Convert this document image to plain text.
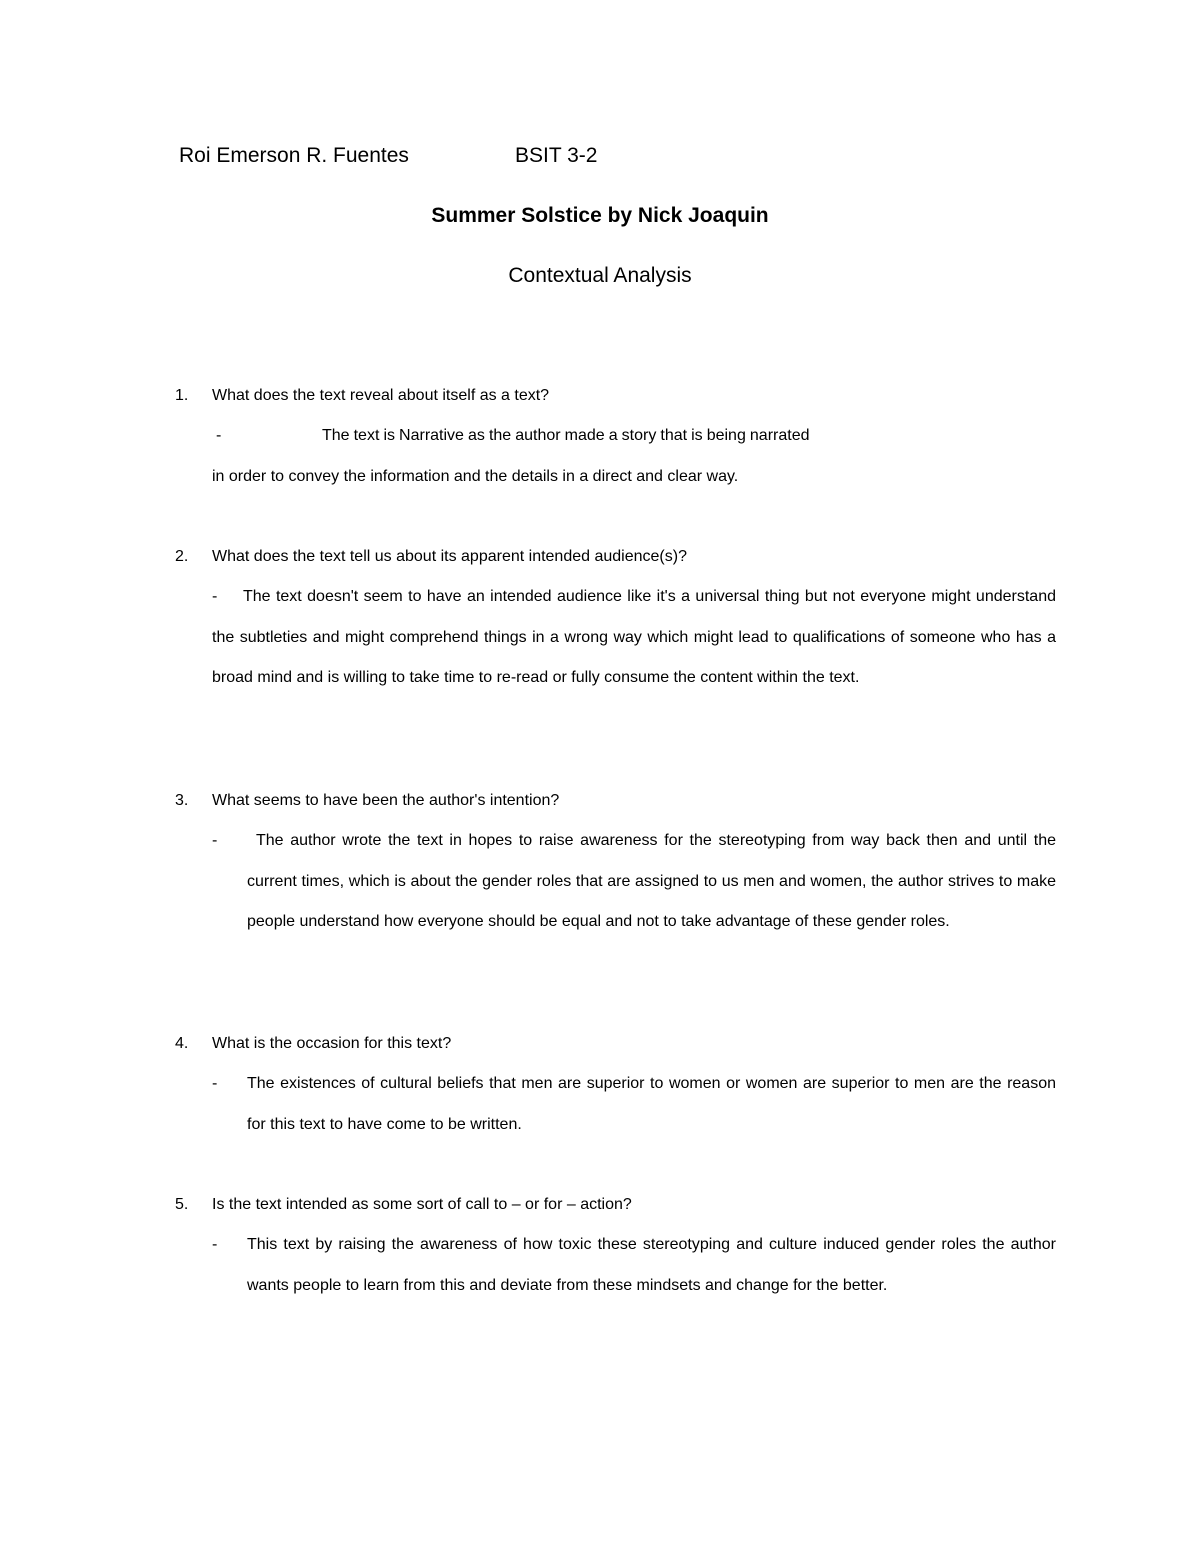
Roi Emerson R. Fuentes	BSIT 3-2
Summer Solstice by Nick Joaquin
Contextual Analysis
1. What does the text reveal about itself as a text?
-	The text is Narrative as the author made a story that is being narrated
in order to convey the information and the details in a direct and clear way.
2. What does the text tell us about its apparent intended audience(s)?
-	The text doesn't seem to have an intended audience like it's a universal thing but not everyone might understand the subtleties and might comprehend things in a wrong way which might lead to qualifications of someone who has a broad mind and is willing to take time to re-read or fully consume the content within the text.
3. What seems to have been the author's intention?
-	The author wrote the text in hopes to raise awareness for the stereotyping from way back then and until the current times, which is about the gender roles that are assigned to us men and women, the author strives to make people understand how everyone should be equal and not to take advantage of these gender roles.
4. What is the occasion for this text?
- The existences of cultural beliefs that men are superior to women or women are superior to men are the reason for this text to have come to be written.
5. Is the text intended as some sort of call to – or for – action?
- This text by raising the awareness of how toxic these stereotyping and culture induced gender roles the author wants people to learn from this and deviate from these mindsets and change for the better.
